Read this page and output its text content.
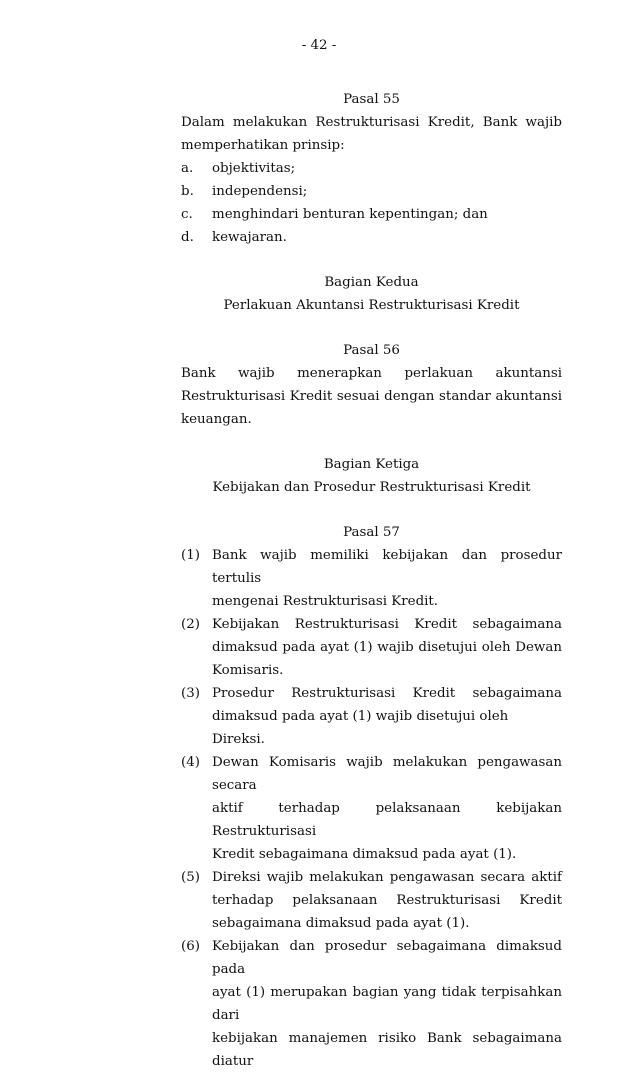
- 42 -
Pasal 55
Dalam melakukan Restrukturisasi Kredit, Bank wajib
memperhatikan prinsip:
a.	objektivitas;
b.	independensi;
c.	menghindari benturan kepentingan; dan
d.	kewajaran.
Bagian Kedua
Perlakuan Akuntansi Restrukturisasi Kredit
Pasal 56
Bank wajib menerapkan perlakuan akuntansi
Restrukturisasi Kredit sesuai dengan standar akuntansi
keuangan.
Bagian Ketiga
Kebijakan dan Prosedur Restrukturisasi Kredit
Pasal 57
(1) Bank wajib memiliki kebijakan dan prosedur tertulis
mengenai Restrukturisasi Kredit.
(2) Kebijakan Restrukturisasi Kredit sebagaimana
dimaksud pada ayat (1) wajib disetujui oleh Dewan
Komisaris.
(3) Prosedur Restrukturisasi Kredit sebagaimana
dimaksud pada ayat (1) wajib disetujui oleh Direksi.
(4) Dewan Komisaris wajib melakukan pengawasan secara
aktif terhadap pelaksanaan kebijakan Restrukturisasi
Kredit sebagaimana dimaksud pada ayat (1).
(5) Direksi wajib melakukan pengawasan secara aktif
terhadap pelaksanaan Restrukturisasi Kredit
sebagaimana dimaksud pada ayat (1).
(6) Kebijakan dan prosedur sebagaimana dimaksud pada
ayat (1) merupakan bagian yang tidak terpisahkan dari
kebijakan manajemen risiko Bank sebagaimana diatur
